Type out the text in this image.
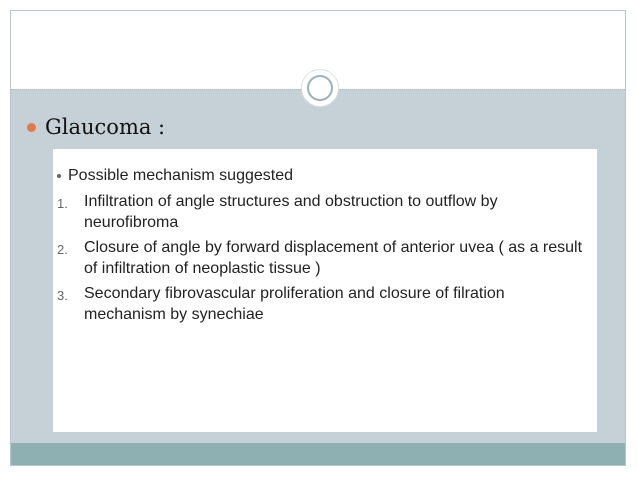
Glaucoma :
Possible mechanism suggested
1.	Infiltration of angle structures and obstruction to outflow by neurofibroma
2.	Closure of angle by forward displacement of anterior uvea ( as a result of infiltration of neoplastic tissue )
3.	Secondary fibrovascular proliferation and closure of filration mechanism by synechiae
